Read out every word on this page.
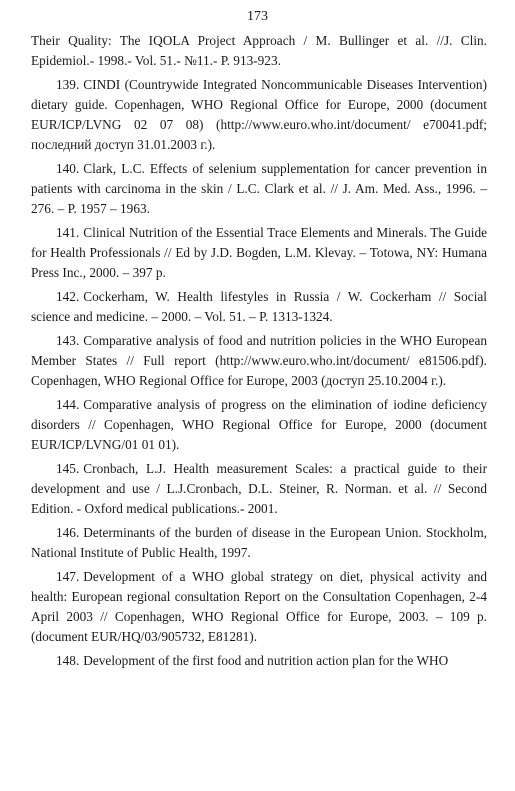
173

Their Quality: The IQOLA Project Approach / M. Bullinger et al. //J. Clin. Epidemiol.- 1998.- Vol. 51.- №11.- P. 913-923.

139. CINDI (Countrywide Integrated Noncommunicable Diseases Intervention) dietary guide. Copenhagen, WHO Regional Office for Europe, 2000 (document EUR/ICP/LVNG 02 07 08) (http://www.euro.who.int/document/ e70041.pdf; последний доступ 31.01.2003 г.).

140. Clark, L.C. Effects of selenium supplementation for cancer prevention in patients with carcinoma in the skin / L.C. Clark et al. // J. Am. Med. Ass., 1996. – 276. – P. 1957 – 1963.

141. Clinical Nutrition of the Essential Trace Elements and Minerals. The Guide for Health Professionals // Ed by J.D. Bogden, L.M. Klevay. – Totowa, NY: Humana Press Inc., 2000. – 397 p.

142. Cockerham, W. Health lifestyles in Russia / W. Cockerham // Social science and medicine. – 2000. – Vol. 51. – P. 1313-1324.

143. Comparative analysis of food and nutrition policies in the WHO European Member States // Full report (http://www.euro.who.int/document/ e81506.pdf). Copenhagen, WHO Regional Office for Europe, 2003 (доступ 25.10.2004 г.).

144. Comparative analysis of progress on the elimination of iodine deficiency disorders // Copenhagen, WHO Regional Office for Europe, 2000 (document EUR/ICP/LVNG/01 01 01).

145. Cronbach, L.J. Health measurement Scales: a practical guide to their development and use / L.J.Cronbach, D.L. Steiner, R. Norman. et al. // Second Edition. - Oxford medical publications.- 2001.

146. Determinants of the burden of disease in the European Union. Stockholm, National Institute of Public Health, 1997.

147. Development of a WHO global strategy on diet, physical activity and health: European regional consultation Report on the Consultation Copenhagen, 2-4 April 2003 // Copenhagen, WHO Regional Office for Europe, 2003. – 109 p. (document EUR/HQ/03/905732, E81281).

148. Development of the first food and nutrition action plan for the WHO
